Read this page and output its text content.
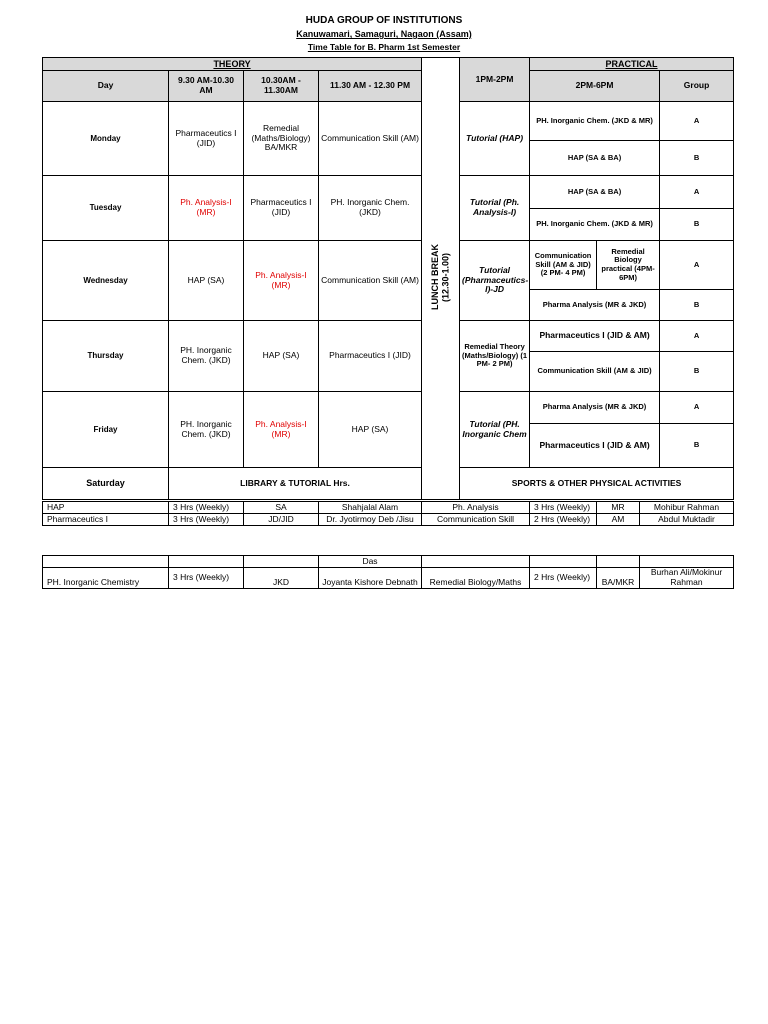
HUDA GROUP OF INSTITUTIONS
Kanuwamari, Samaguri, Nagaon (Assam)
Time Table for B. Pharm 1st Semester
THEORY				LUNCH BREAK
(12.30-1.00)	1PM-2PM	PRACTICAL		
Day	9.30 AM-10.30 AM	10.30AM - 11.30AM	11.30 AM - 12.30 PM			2PM-6PM		Group
Monday	Pharmaceutics I (JID)	Remedial (Maths/Biology) BA/MKR	Communication Skill (AM)		Tutorial (HAP)	PH. Inorganic Chem. (JKD & MR)		A
						HAP (SA & BA)		B
Tuesday	Ph. Analysis-I (MR)	Pharmaceutics I (JID)	PH. Inorganic Chem. (JKD)		Tutorial (Ph. Analysis-I)	HAP (SA & BA)		A
						PH. Inorganic Chem. (JKD & MR)		B
Wednesday	HAP (SA)	Ph. Analysis-I (MR)	Communication Skill (AM)		Tutorial (Pharmaceutics-I)-JD	Communication Skill (AM & JID) (2 PM- 4 PM)	Remedial Biology practical (4PM-6PM)	A
						Pharma Analysis (MR & JKD)		B
Thursday	PH. Inorganic Chem. (JKD)	HAP (SA)	Pharmaceutics I (JID)		Remedial Theory (Maths/Biology) (1 PM- 2 PM)	Pharmaceutics I (JID & AM)		A
						Communication Skill (AM & JID)		B
Friday	PH. Inorganic Chem. (JKD)	Ph. Analysis-I (MR)	HAP (SA)		Tutorial (PH. Inorganic Chem	Pharma Analysis (MR & JKD)		A
						Pharmaceutics I (JID & AM)		B
Saturday	LIBRARY & TUTORIAL Hrs.				SPORTS & OTHER PHYSICAL ACTIVITIES			
HAP	3 Hrs (Weekly)	SA	Shahjalal Alam	Ph. Analysis	3 Hrs (Weekly)	MR	Mohibur Rahman
Pharmaceutics I	3 Hrs (Weekly)	JD/JID	Dr. Jyotirmoy Deb /Jisu	Communication Skill	2 Hrs (Weekly)	AM	Abdul Muktadir
			Das				
PH. Inorganic Chemistry	3 Hrs (Weekly)	JKD	Joyanta Kishore Debnath	Remedial Biology/Maths	2 Hrs (Weekly)	BA/MKR	Burhan Ali/Mokinur Rahman
